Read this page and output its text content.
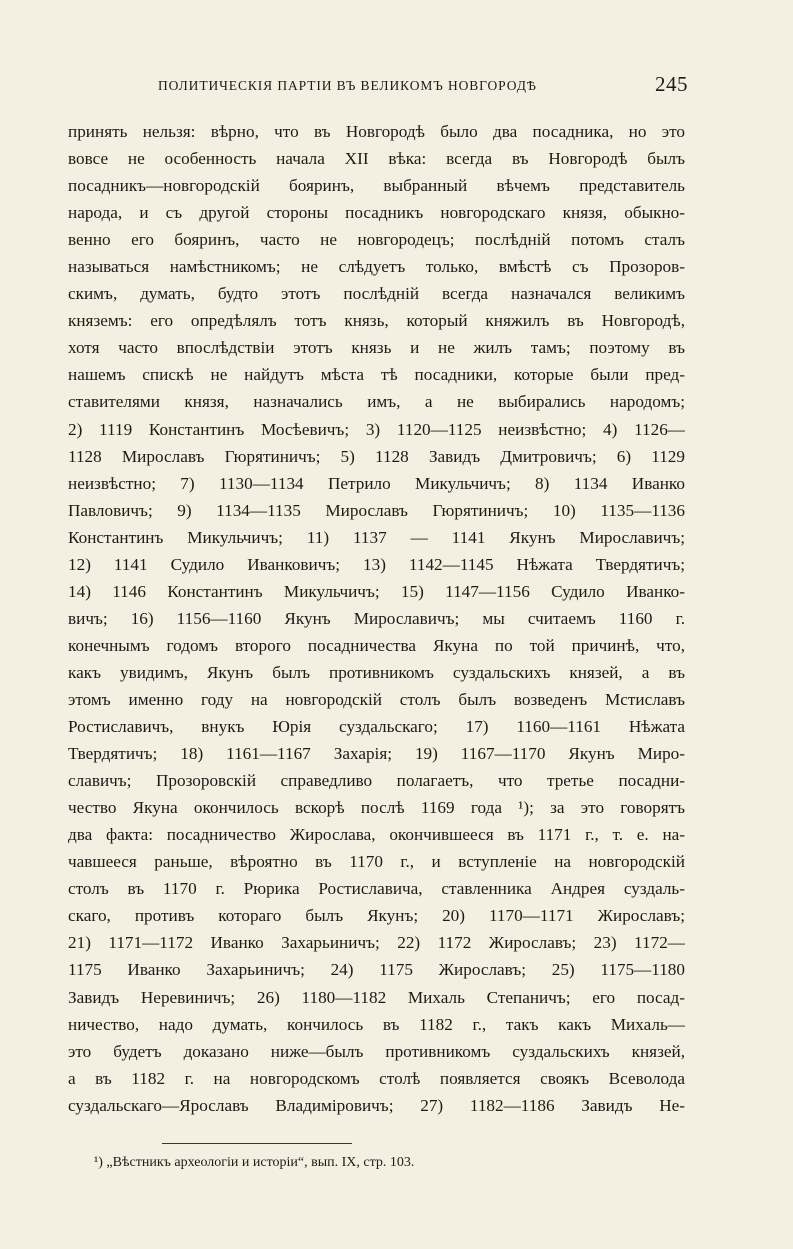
ПОЛИТИЧЕСКІЯ ПАРТІИ ВЪ ВЕЛИКОМЪ НОВГОРОДѢ	245
принять нельзя: вѣрно, что въ Новгородѣ было два посадника, но это
вовсе не особенность начала XII вѣка: всегда въ Новгородѣ былъ
посадникъ—новгородскій бояринъ, выбранный вѣчемъ представитель
народа, и съ другой стороны посадникъ новгородскаго князя, обыкно-
венно его бояринъ, часто не новгородецъ; послѣдній потомъ сталъ
называться намѣстникомъ; не слѣдуетъ только, вмѣстѣ съ Прозоров-
скимъ, думать, будто этотъ послѣдній всегда назначался великимъ
княземъ: его опредѣлялъ тотъ князь, который княжилъ въ Новгородѣ,
хотя часто впослѣдствіи этотъ князь и не жилъ тамъ; поэтому въ
нашемъ спискѣ не найдутъ мѣста тѣ посадники, которые были пред-
ставителями князя, назначались имъ, а не выбирались народомъ;
2) 1119 Константинъ Мосѣевичъ; 3) 1120—1125 неизвѣстно; 4) 1126—
1128 Мирославъ Гюрятиничъ; 5) 1128 Завидъ Дмитровичъ; 6) 1129
неизвѣстно; 7) 1130—1134 Петрило Микульчичъ; 8) 1134 Иванко
Павловичъ; 9) 1134—1135 Мирославъ Гюрятиничъ; 10) 1135—1136
Константинъ Микульчичъ; 11) 1137 — 1141 Якунъ Мирославичъ;
12) 1141 Судило Иванковичъ; 13) 1142—1145 Нѣжата Твердятичъ;
14) 1146 Константинъ Микульчичъ; 15) 1147—1156 Судило Иванко-
вичъ; 16) 1156—1160 Якунъ Мирославичъ; мы считаемъ 1160 г.
конечнымъ годомъ второго посадничества Якуна по той причинѣ, что,
какъ увидимъ, Якунъ былъ противникомъ суздальскихъ князей, а въ
этомъ именно году на новгородскій столъ былъ возведенъ Мстиславъ
Ростиславичъ, внукъ Юрія суздальскаго; 17) 1160—1161 Нѣжата
Твердятичъ; 18) 1161—1167 Захарія; 19) 1167—1170 Якунъ Миро-
славичъ; Прозоровскій справедливо полагаетъ, что третье посадни-
чество Якуна окончилось вскорѣ послѣ 1169 года ¹); за это говорятъ
два факта: посадничество Жирослава, окончившееся въ 1171 г., т. е. на-
чавшееся раньше, вѣроятно въ 1170 г., и вступленіе на новгородскій
столъ въ 1170 г. Рюрика Ростиславича, ставленника Андрея суздаль-
скаго, противъ котораго былъ Якунъ; 20) 1170—1171 Жирославъ;
21) 1171—1172 Иванко Захарьиничъ; 22) 1172 Жирославъ; 23) 1172—
1175 Иванко Захарьиничъ; 24) 1175 Жирославъ; 25) 1175—1180
Завидъ Неревиничъ; 26) 1180—1182 Михаль Степаничъ; его посад-
ничество, надо думать, кончилось въ 1182 г., такъ какъ Михаль—
это будетъ доказано ниже—былъ противникомъ суздальскихъ князей,
а въ 1182 г. на новгородскомъ столѣ появляется своякъ Всеволода
суздальскаго—Ярославъ Владиміровичъ; 27) 1182—1186 Завидъ Не-
¹) „Вѣстникъ археологіи и исторіи“, вып. IX, стр. 103.
